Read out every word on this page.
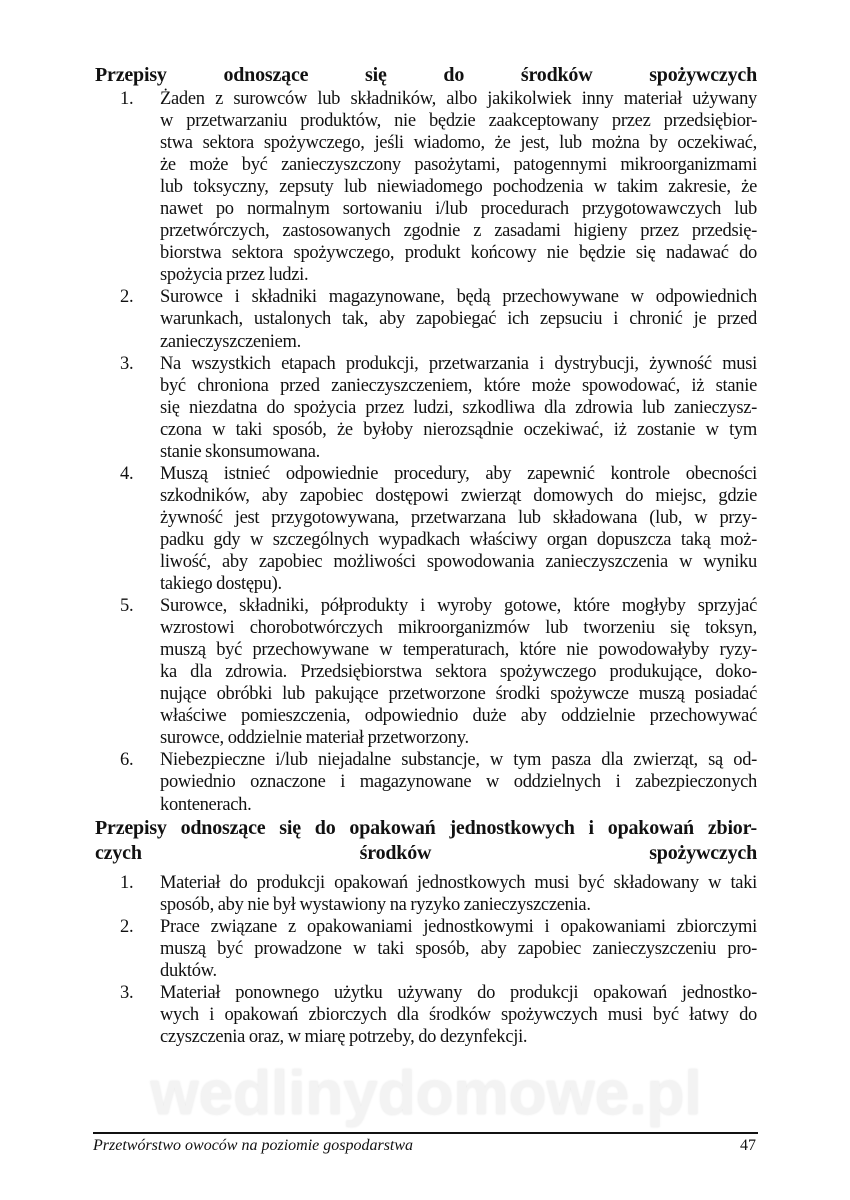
wedlinydomowe.pl
Przepisy odnoszące się do środków spożywczych
1. Żaden z surowców lub składników, albo jakikolwiek inny materiał używany
w przetwarzaniu produktów, nie będzie zaakceptowany przez przedsiębior-
stwa sektora spożywczego, jeśli wiadomo, że jest, lub można by oczekiwać,
że może być zanieczyszczony pasożytami, patogennymi mikroorganizmami
lub toksyczny, zepsuty lub niewiadomego pochodzenia w takim zakresie, że
nawet po normalnym sortowaniu i/lub procedurach przygotowawczych lub
przetwórczych, zastosowanych zgodnie z zasadami higieny przez przedsię-
biorstwa sektora spożywczego, produkt końcowy nie będzie się nadawać do
spożycia przez ludzi.
2. Surowce i składniki magazynowane, będą przechowywane w odpowiednich
warunkach, ustalonych tak, aby zapobiegać ich zepsuciu i chronić je przed
zanieczyszczeniem.
3. Na wszystkich etapach produkcji, przetwarzania i dystrybucji, żywność musi
być chroniona przed zanieczyszczeniem, które może spowodować, iż stanie
się niezdatna do spożycia przez ludzi, szkodliwa dla zdrowia lub zanieczysz-
czona w taki sposób, że byłoby nierozsądnie oczekiwać, iż zostanie w tym
stanie skonsumowana.
4. Muszą istnieć odpowiednie procedury, aby zapewnić kontrole obecności
szkodników, aby zapobiec dostępowi zwierząt domowych do miejsc, gdzie
żywność jest przygotowywana, przetwarzana lub składowana (lub, w przy-
padku gdy w szczególnych wypadkach właściwy organ dopuszcza taką moż-
liwość, aby zapobiec możliwości spowodowania zanieczyszczenia w wyniku
takiego dostępu).
5. Surowce, składniki, półprodukty i wyroby gotowe, które mogłyby sprzyjać
wzrostowi chorobotwórczych mikroorganizmów lub tworzeniu się toksyn,
muszą być przechowywane w temperaturach, które nie powodowałyby ryzy-
ka dla zdrowia. Przedsiębiorstwa sektora spożywczego produkujące, doko-
nujące obróbki lub pakujące przetworzone środki spożywcze muszą posiadać
właściwe pomieszczenia, odpowiednio duże aby oddzielnie przechowywać
surowce, oddzielnie materiał przetworzony.
6. Niebezpieczne i/lub niejadalne substancje, w tym pasza dla zwierząt, są od-
powiednio oznaczone i magazynowane w oddzielnych i zabezpieczonych
kontenerach.
Przepisy odnoszące się do opakowań jednostkowych i opakowań zbior-
czych środków spożywczych
1. Materiał do produkcji opakowań jednostkowych musi być składowany w taki
sposób, aby nie był wystawiony na ryzyko zanieczyszczenia.
2. Prace związane z opakowaniami jednostkowymi i opakowaniami zbiorczymi
muszą być prowadzone w taki sposób, aby zapobiec zanieczyszczeniu pro-
duktów.
3. Materiał ponownego użytku używany do produkcji opakowań jednostko-
wych i opakowań zbiorczych dla środków spożywczych musi być łatwy do
czyszczenia oraz, w miarę potrzeby, do dezynfekcji.
Przetwórstwo owoców na poziomie gospodarstwa	47
